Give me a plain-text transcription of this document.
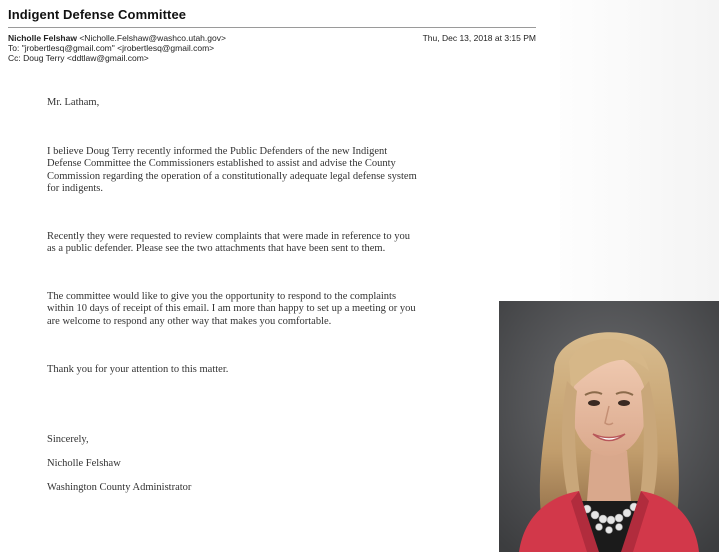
Indigent Defense Committee
Nicholle Felshaw <Nicholle.Felshaw@washco.utah.gov>	Thu, Dec 13, 2018 at 3:15 PM
To: "jrobertlesq@gmail.com" <jrobertlesq@gmail.com>
Cc: Doug Terry <ddtlaw@gmail.com>

Mr. Latham,

I believe Doug Terry recently informed the Public Defenders of the new Indigent
Defense Committee the Commissioners established to assist and advise the County
Commission regarding the operation of a constitutionally adequate legal defense system
for indigents.

Recently they were requested to review complaints that were made in reference to you
as a public defender. Please see the two attachments that have been sent to them.

The committee would like to give you the opportunity to respond to the complaints
within 10 days of receipt of this email. I am more than happy to set up a meeting or you
are welcome to respond any other way that makes you comfortable.

Thank you for your attention to this matter.

Sincerely,

Nicholle Felshaw

Washington County Administrator
